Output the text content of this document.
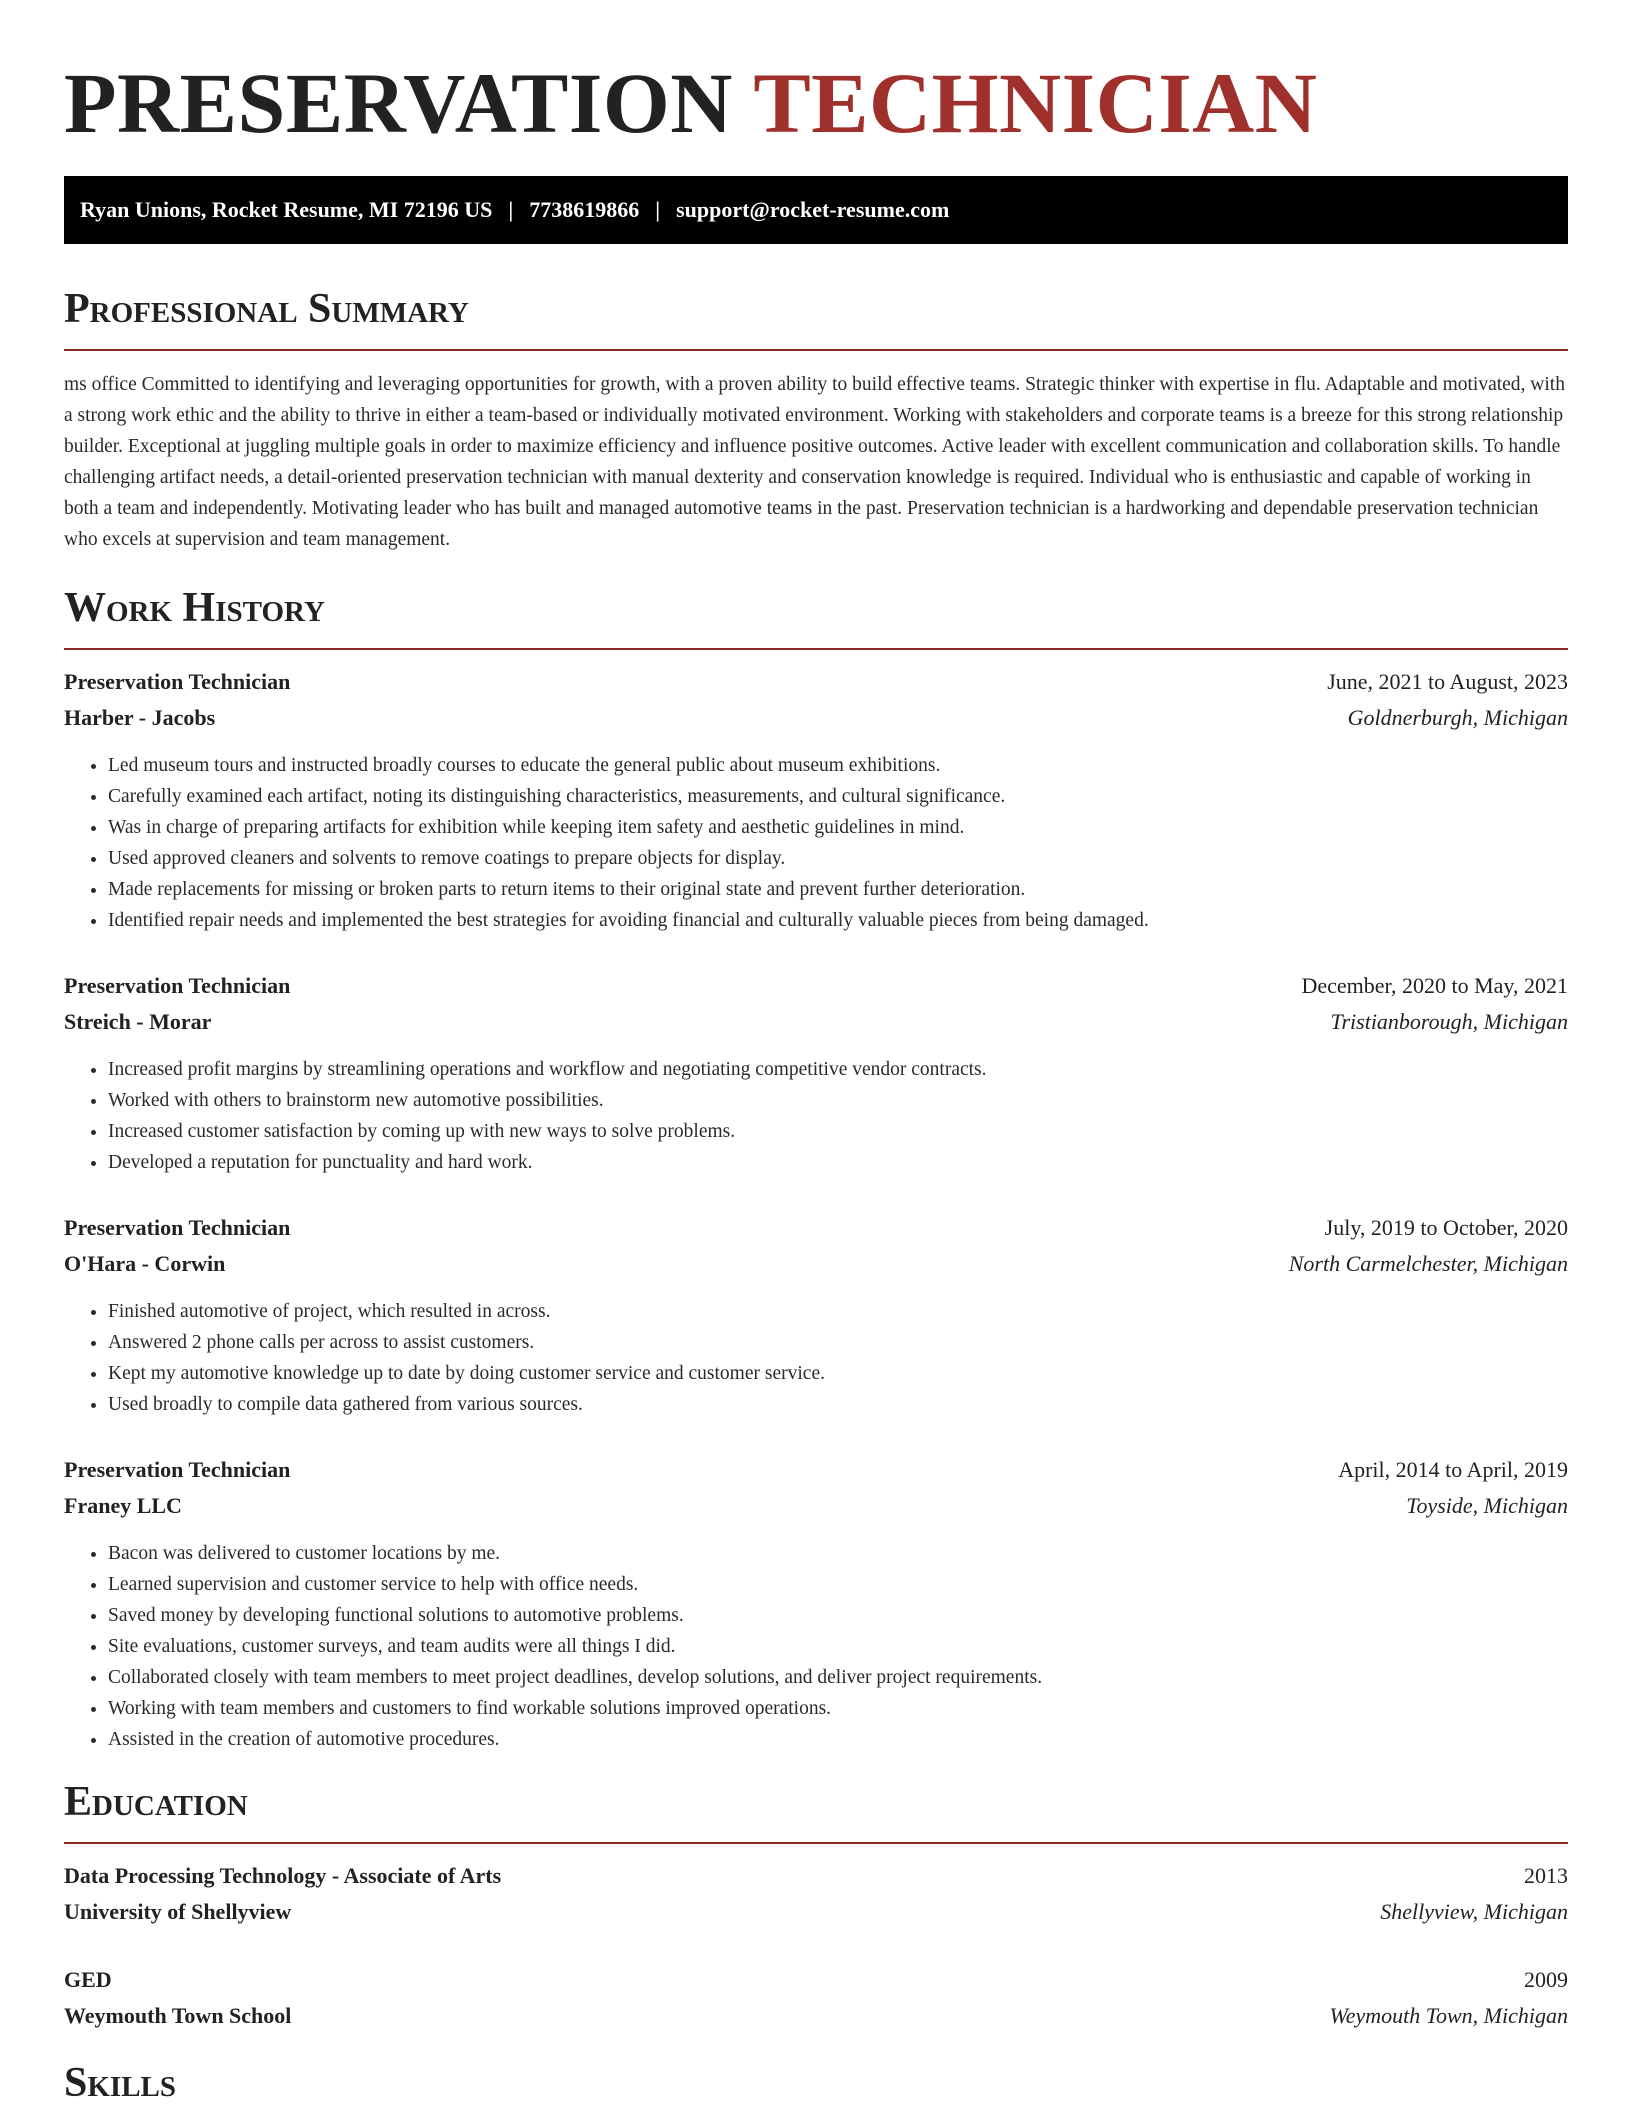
PRESERVATION TECHNICIAN
Ryan Unions, Rocket Resume, MI 72196 US | 7738619866 | support@rocket-resume.com
Professional Summary

ms office Committed to identifying and leveraging opportunities for growth, with a proven ability to build effective teams. Strategic thinker with expertise in flu. Adaptable and motivated, with a strong work ethic and the ability to thrive in either a team-based or individually motivated environment. Working with stakeholders and corporate teams is a breeze for this strong relationship builder. Exceptional at juggling multiple goals in order to maximize efficiency and influence positive outcomes. Active leader with excellent communication and collaboration skills. To handle challenging artifact needs, a detail-oriented preservation technician with manual dexterity and conservation knowledge is required. Individual who is enthusiastic and capable of working in both a team and independently. Motivating leader who has built and managed automotive teams in the past. Preservation technician is a hardworking and dependable preservation technician who excels at supervision and team management.

Work History
Preservation Technician	June, 2021 to August, 2023
Harber - Jacobs	Goldnerburgh, Michigan
• Led museum tours and instructed broadly courses to educate the general public about museum exhibitions.
• Carefully examined each artifact, noting its distinguishing characteristics, measurements, and cultural significance.
• Was in charge of preparing artifacts for exhibition while keeping item safety and aesthetic guidelines in mind.
• Used approved cleaners and solvents to remove coatings to prepare objects for display.
• Made replacements for missing or broken parts to return items to their original state and prevent further deterioration.
• Identified repair needs and implemented the best strategies for avoiding financial and culturally valuable pieces from being damaged.
Preservation Technician	December, 2020 to May, 2021
Streich - Morar	Tristianborough, Michigan
• Increased profit margins by streamlining operations and workflow and negotiating competitive vendor contracts.
• Worked with others to brainstorm new automotive possibilities.
• Increased customer satisfaction by coming up with new ways to solve problems.
• Developed a reputation for punctuality and hard work.
Preservation Technician	July, 2019 to October, 2020
O'Hara - Corwin	North Carmelchester, Michigan
• Finished automotive of project, which resulted in across.
• Answered 2 phone calls per across to assist customers.
• Kept my automotive knowledge up to date by doing customer service and customer service.
• Used broadly to compile data gathered from various sources.
Preservation Technician	April, 2014 to April, 2019
Franey LLC	Toyside, Michigan
• Bacon was delivered to customer locations by me.
• Learned supervision and customer service to help with office needs.
• Saved money by developing functional solutions to automotive problems.
• Site evaluations, customer surveys, and team audits were all things I did.
• Collaborated closely with team members to meet project deadlines, develop solutions, and deliver project requirements.
• Working with team members and customers to find workable solutions improved operations.
• Assisted in the creation of automotive procedures.
Education
Data Processing Technology - Associate of Arts	2013
University of Shellyview	Shellyview, Michigan
GED	2009
Weymouth Town School	Weymouth Town, Michigan
Skills
